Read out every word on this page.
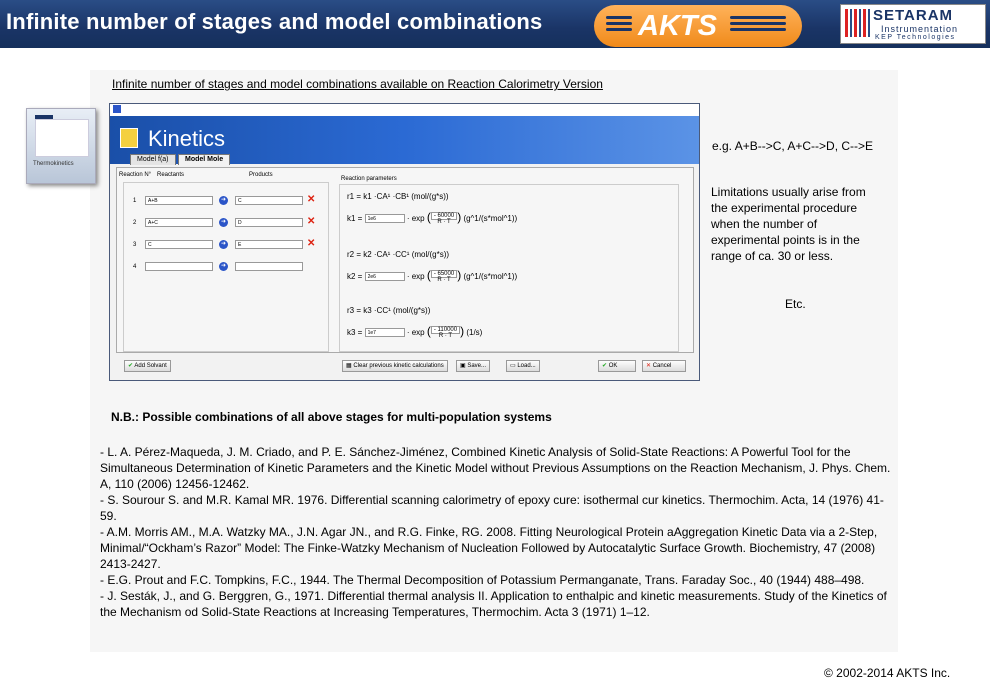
Infinite number of stages and model combinations	AKTS	SETARAM
Instrumentation
KEP Technologies
Infinite number of stages and model combinations available on Reaction Calorimetry Version
Thermokinetics
Kinetics
Model f(a)	Model Mole
Reaction N° Reactants	Products
1	A+B	➜	C	✕
2	A+C	➜	D	✕
3	C	➜	E	✕
4	➜
Reaction parameters
r1 = k1 ·CA¹ ·CB¹ (mol/(g*s))
k1 = 1e6	· $\exp (\frac{- 60000}{R \cdot T})$ (g^1/(s*mol^1))
r2 = k2 ·CA¹ ·CC¹ (mol/(g*s))
k2 = 2e6	· $\exp (\frac{- 65000}{R \cdot T})$ (g^1/(s*mol^1))
r3 = k3 ·CC¹ (mol/(g*s))
k3 = 1e7	· $\exp (\frac{- 110000}{R \cdot T})$ (1/s)
✔ Add Solvant	▦ Clear previous kinetic calculations	▣ Save...	▭ Load...	✔ OK	✕ Cancel
e.g. A+B-->C, A+C-->D, C-->E
Limitations usually arise from
the experimental procedure
when the number of
experimental points is in the
range of ca. 30 or less.
Etc.
N.B.: Possible combinations of all above stages for multi-population systems
- L. A. Pérez-Maqueda, J. M. Criado, and P. E. Sánchez-Jiménez, Combined Kinetic Analysis of Solid-State Reactions: A Powerful Tool for the Simultaneous Determination of Kinetic Parameters and the Kinetic Model without Previous Assumptions on the Reaction Mechanism, J. Phys. Chem. A, 110 (2006) 12456-12462.
- S. Sourour S. and M.R. Kamal MR. 1976. Differential scanning calorimetry of epoxy cure: isothermal cur kinetics. Thermochim. Acta, 14 (1976) 41-59.
- A.M. Morris AM., M.A. Watzky MA., J.N. Agar JN., and R.G. Finke, RG. 2008. Fitting Neurological Protein aAggregation Kinetic Data via a 2-Step, Minimal/“Ockham’s Razor” Model: The Finke-Watzky Mechanism of Nucleation Followed by Autocatalytic Surface Growth. Biochemistry, 47 (2008) 2413-2427.
- E.G. Prout and F.C. Tompkins, F.C., 1944. The Thermal Decomposition of Potassium Permanganate, Trans. Faraday Soc., 40 (1944) 488–498.
- J. Sesták, J., and G. Berggren, G., 1971. Differential thermal analysis II. Application to enthalpic and kinetic measurements. Study of the Kinetics of the Mechanism od Solid-State Reactions at Increasing Temperatures, Thermochim. Acta 3 (1971) 1–12.
© 2002-2014 AKTS Inc.
